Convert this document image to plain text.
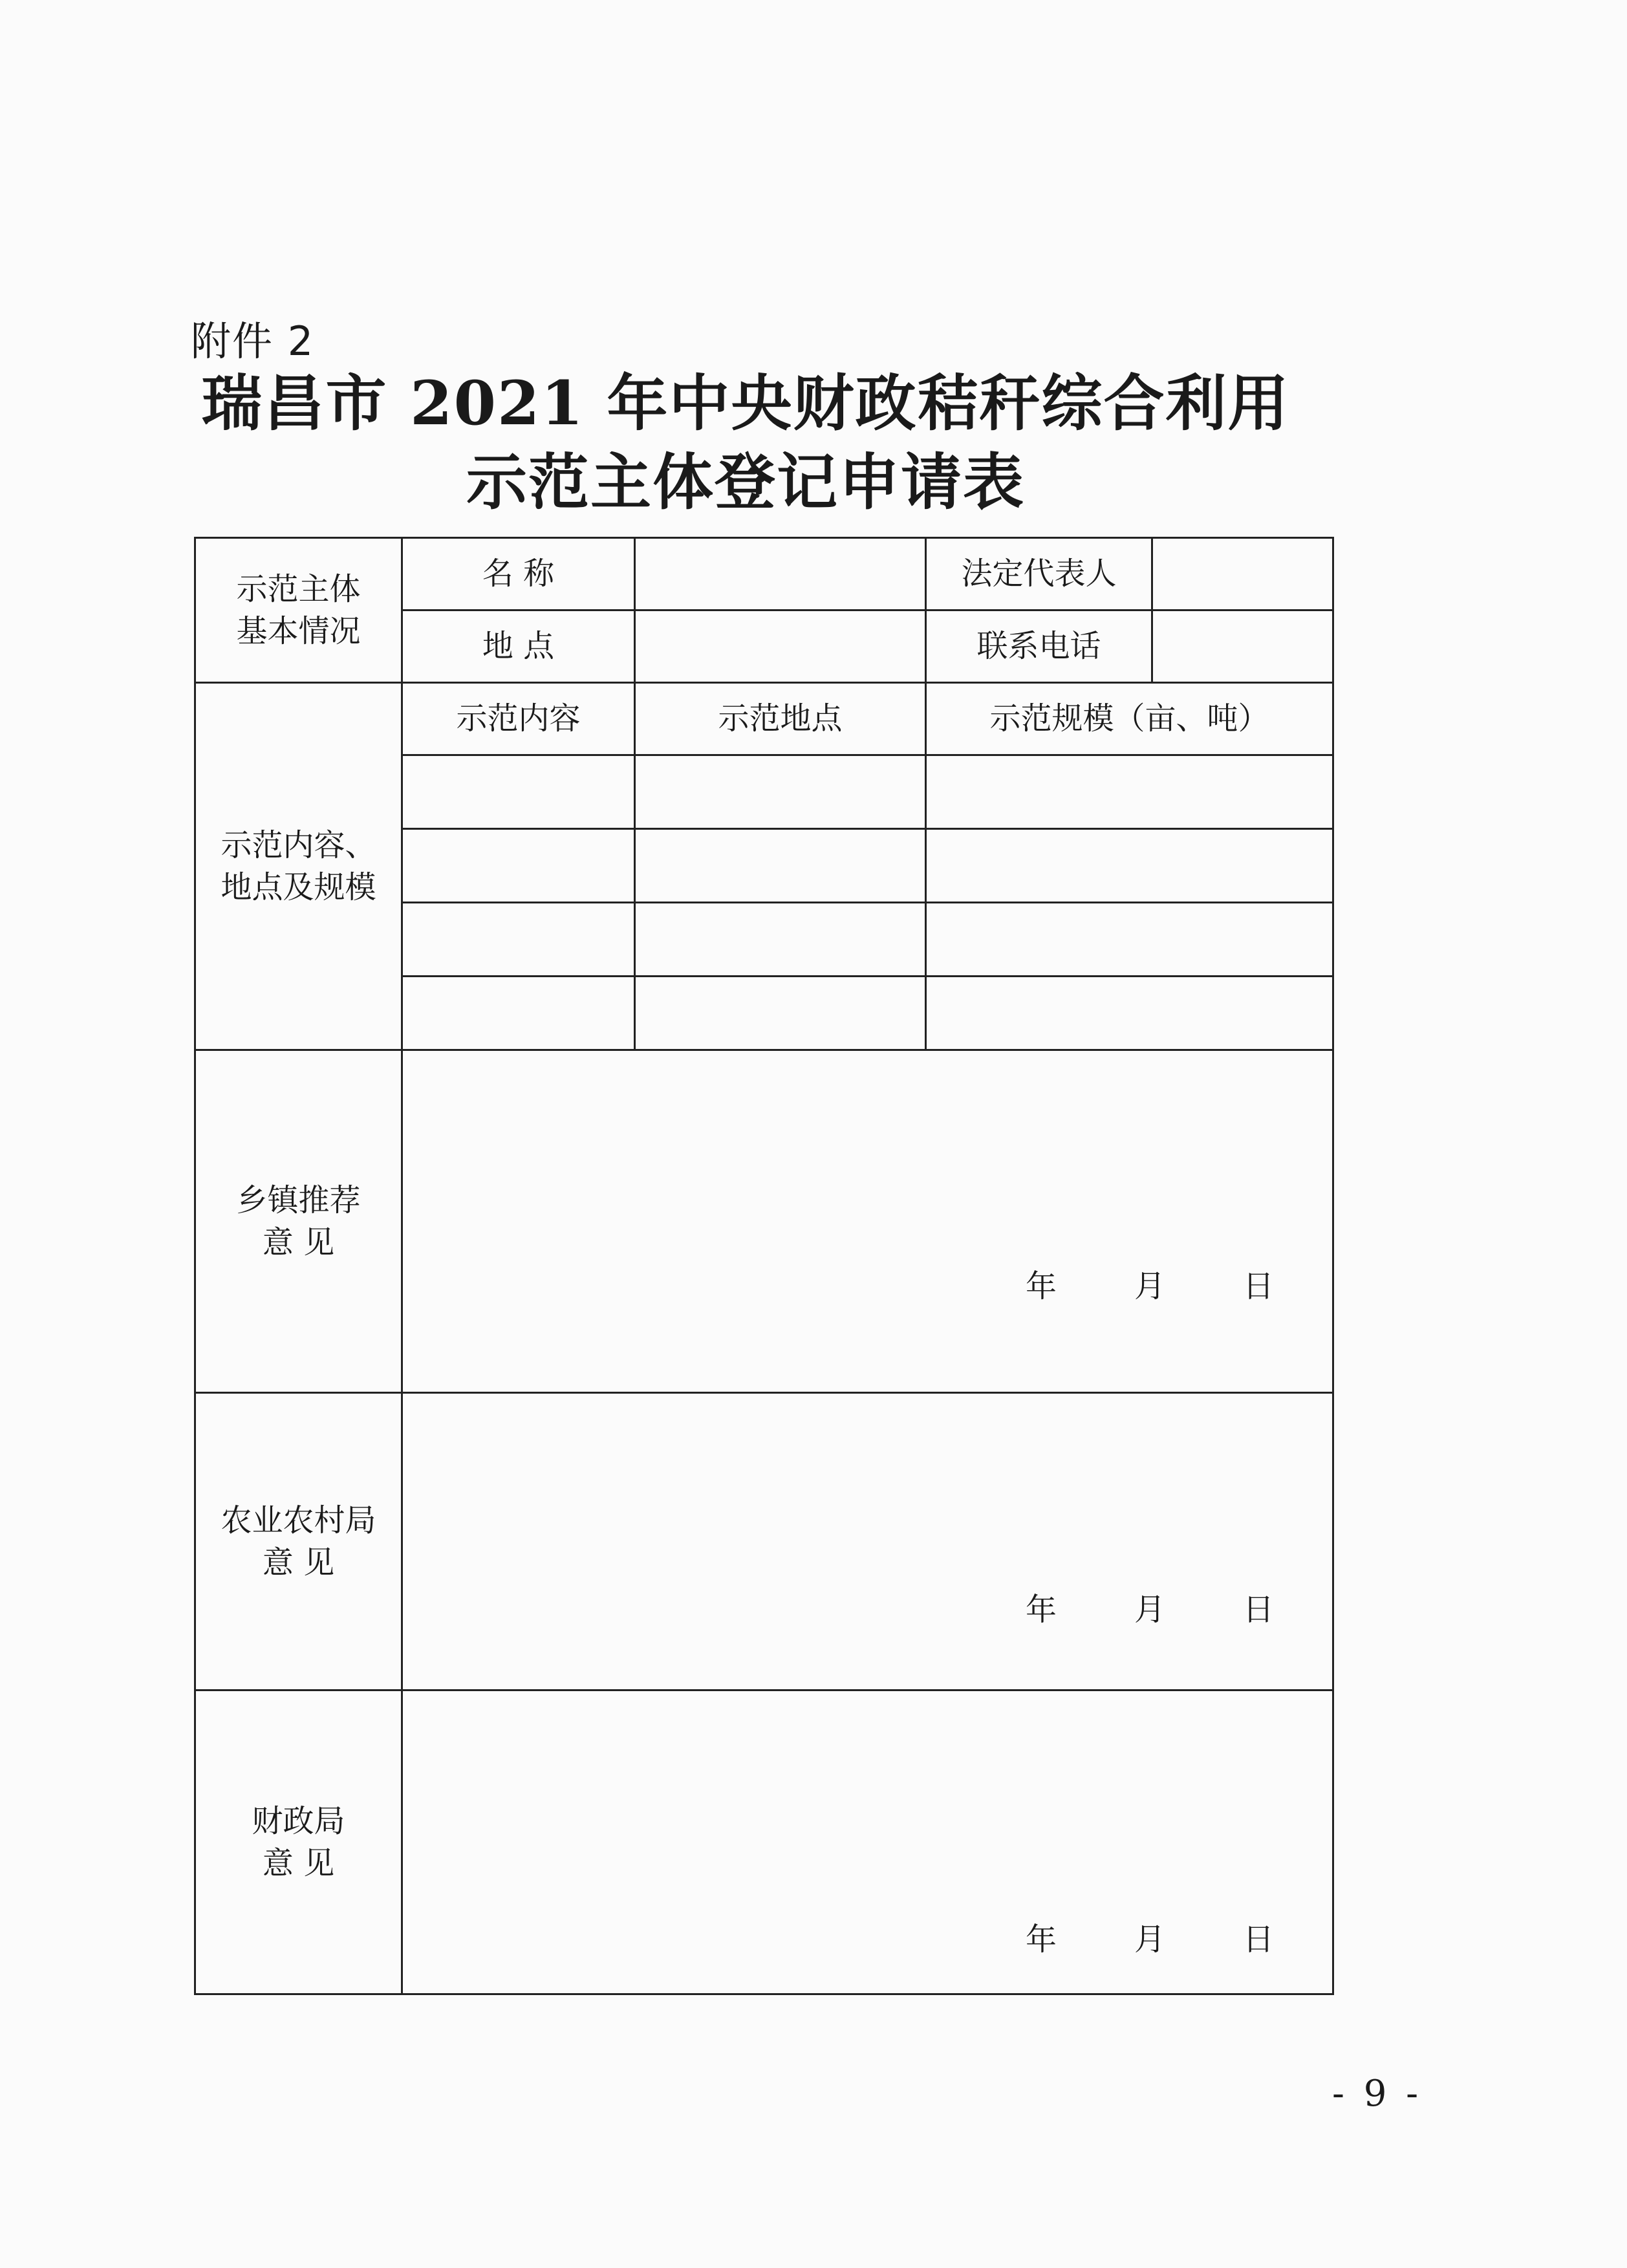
附件 2
瑞昌市 2021 年中央财政秸秆综合利用
示范主体登记申请表
示范主体
基本情况	名 称		法定代表人	
	地 点		联系电话	
示范内容、
地点及规模	示范内容	示范地点	示范规模（亩、吨）	

乡镇推荐
意 见	年 月 日			

农业农村局
意 见	年 月 日			

财政局
意 见	年 月 日			
- 9 -
